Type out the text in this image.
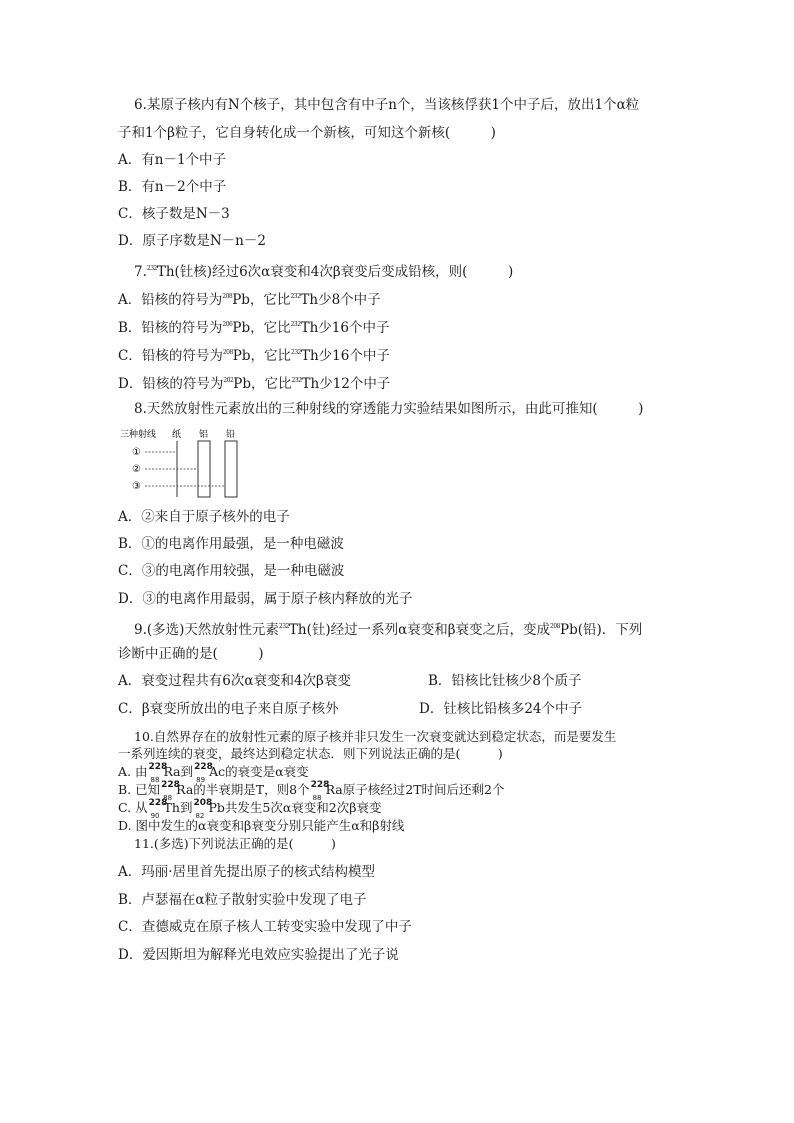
6.某原子核内有N个核子，其中包含有中子n个，当该核俘获1个中子后，放出1个α粒
子和1个β粒子，它自身转化成一个新核，可知这个新核(　　　)
A．有n－1个中子
B．有n－2个中子
C．核子数是N－3
D．原子序数是N－n－2
7.$^{232}$Th(钍核)经过6次α衰变和4次β衰变后变成铅核，则(　　　)
A．铅核的符号为$^{208}$Pb，它比$^{232}$Th少8个中子
B．铅核的符号为$^{206}$Pb，它比$^{232}$Th少16个中子
C．铅核的符号为$^{208}$Pb，它比$^{232}$Th少16个中子
D．铅核的符号为$^{202}$Pb，它比$^{232}$Th少12个中子
8.天然放射性元素放出的三种射线的穿透能力实验结果如图所示，由此可推知(　　　)
三种射线 纸 铝 铅
①
②
③
A．②来自于原子核外的电子
B．①的电离作用最强，是一种电磁波
C．③的电离作用较强，是一种电磁波
D．③的电离作用最弱，属于原子核内释放的光子
9.(多选)天然放射性元素$^{232}$Th(钍)经过一系列α衰变和β衰变之后，变成$^{208}$Pb(铅)．下列
诊断中正确的是(　　　)
A．衰变过程共有6次α衰变和4次β衰变	B．铅核比钍核少8个质子
C．β衰变所放出的电子来自原子核外	D．钍核比铅核多24个中子
10.自然界存在的放射性元素的原子核并非只发生一次衰变就达到稳定状态，而是要发生
一系列连续的衰变，最终达到稳定状态．则下列说法正确的是(　　　)
A. 由 228
88
Ra到 228
89
Ac的衰变是α衰变
B. 已知 228
88
Ra的半衰期是T，则8个 228
88
Ra原子核经过2T时间后还剩2个
C. 从 228
90
Th到 208
82
Pb共发生5次α衰变和2次β衰变
D. 图中发生的α衰变和β衰变分别只能产生α和β射线
11.(多选)下列说法正确的是(　　　)
A．玛丽·居里首先提出原子的核式结构模型
B．卢瑟福在α粒子散射实验中发现了电子
C．查德威克在原子核人工转变实验中发现了中子
D．爱因斯坦为解释光电效应实验提出了光子说
